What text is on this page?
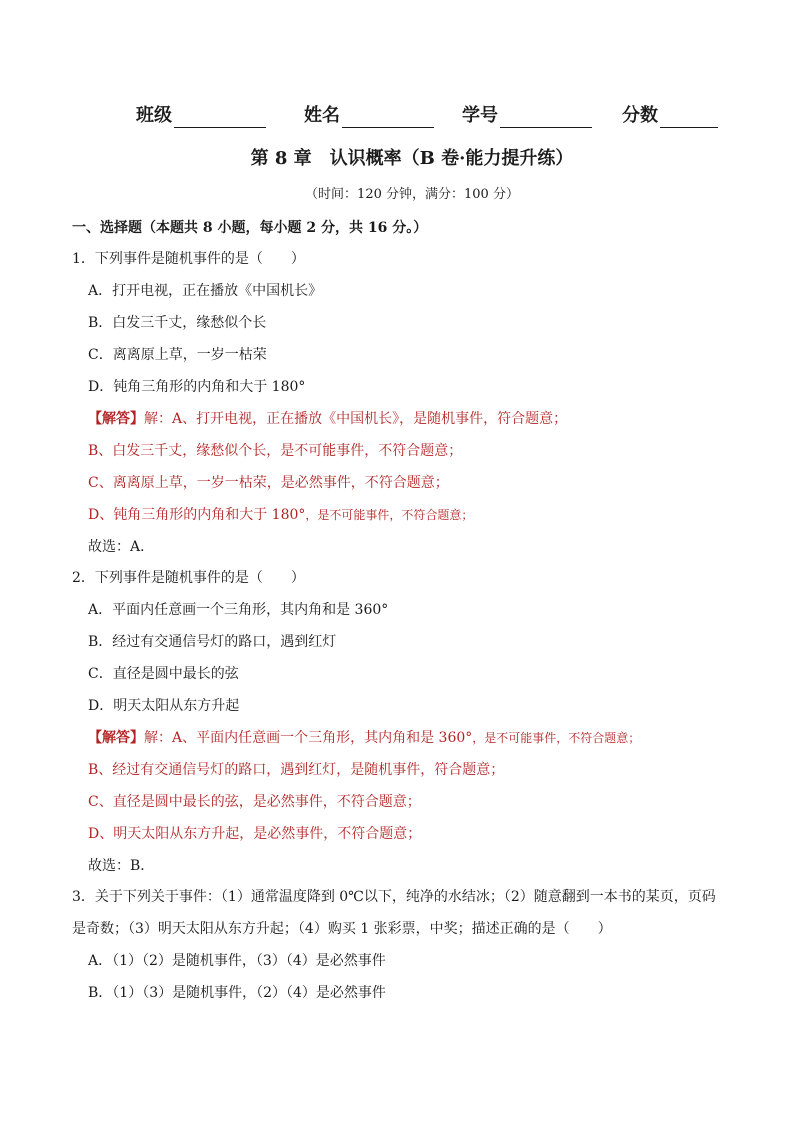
班级	姓名	学号	分数
第 8 章　认识概率（B 卷·能力提升练）
（时间：120 分钟，满分：100 分）
一、选择题（本题共 8 小题，每小题 2 分，共 16 分。）
1．下列事件是随机事件的是（　　）
A．打开电视，正在播放《中国机长》
B．白发三千丈，缘愁似个长
C．离离原上草，一岁一枯荣
D．钝角三角形的内角和大于 180°
【解答】解：A、打开电视，正在播放《中国机长》，是随机事件，符合题意；
B、白发三千丈，缘愁似个长，是不可能事件，不符合题意；
C、离离原上草，一岁一枯荣，是必然事件，不符合题意；
D、钝角三角形的内角和大于 180°，是不可能事件，不符合题意；
故选：A．
2．下列事件是随机事件的是（　　）
A．平面内任意画一个三角形，其内角和是 360°
B．经过有交通信号灯的路口，遇到红灯
C．直径是圆中最长的弦
D．明天太阳从东方升起
【解答】解：A、平面内任意画一个三角形，其内角和是 360°，是不可能事件，不符合题意；
B、经过有交通信号灯的路口，遇到红灯，是随机事件，符合题意；
C、直径是圆中最长的弦，是必然事件，不符合题意；
D、明天太阳从东方升起，是必然事件，不符合题意；
故选：B．
3．关于下列关于事件：（1）通常温度降到 0℃以下，纯净的水结冰；（2）随意翻到一本书的某页，页码
是奇数；（3）明天太阳从东方升起；（4）购买 1 张彩票，中奖；描述正确的是（　　）
A．（1）（2）是随机事件，（3）（4）是必然事件
B．（1）（3）是随机事件，（2）（4）是必然事件
